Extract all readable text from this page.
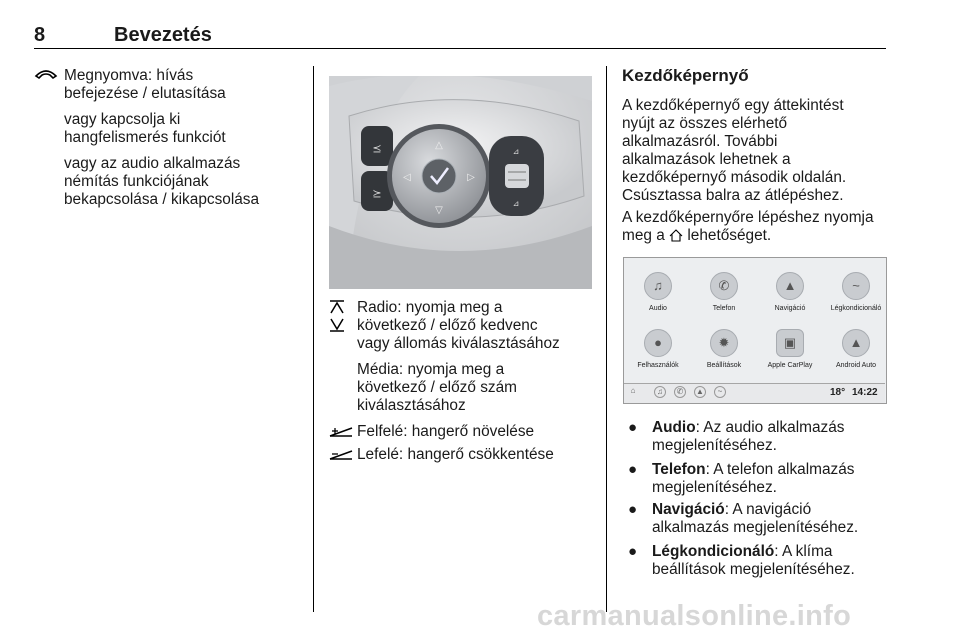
8	Bevezetés
Megnyomva: hívás
befejezése / elutasítása
vagy kapcsolja ki
hangfelismerés funkciót
vagy az audio alkalmazás
némítás funkciójának
bekapcsolása / kikapcsolása
⪯
⪰
△
▽
◁	▷
⊿
⊿
Radio: nyomja meg a
következő / előző kedvenc
vagy állomás kiválasztásához
Média: nyomja meg a
következő / előző szám
kiválasztásához
Felfelé: hangerő növelése
Lefelé: hangerő csökkentése
Kezdőképernyő
A kezdőképernyő egy áttekintést
nyújt az összes elérhető
alkalmazásról. További
alkalmazások lehetnek a
kezdőképernyő második oldalán.
Csúsztassa balra az átlépéshez.
A kezdőképernyőre lépéshez nyomja
meg a lehetőséget.
♫
Audio
✆
Telefon
▲
Navigáció
~
Légkondicionáló
●
Felhasználók
✹
Beállítások
▣
Apple CarPlay
▲
Android Auto
⌂	♫	✆	▲	~	18° 14:22
● Audio: Az audio alkalmazás
megjelenítéséhez.
● Telefon: A telefon alkalmazás
megjelenítéséhez.
● Navigáció: A navigáció
alkalmazás megjelenítéséhez.
● Légkondicionáló: A klíma
beállítások megjelenítéséhez.
carmanualsonline.info
